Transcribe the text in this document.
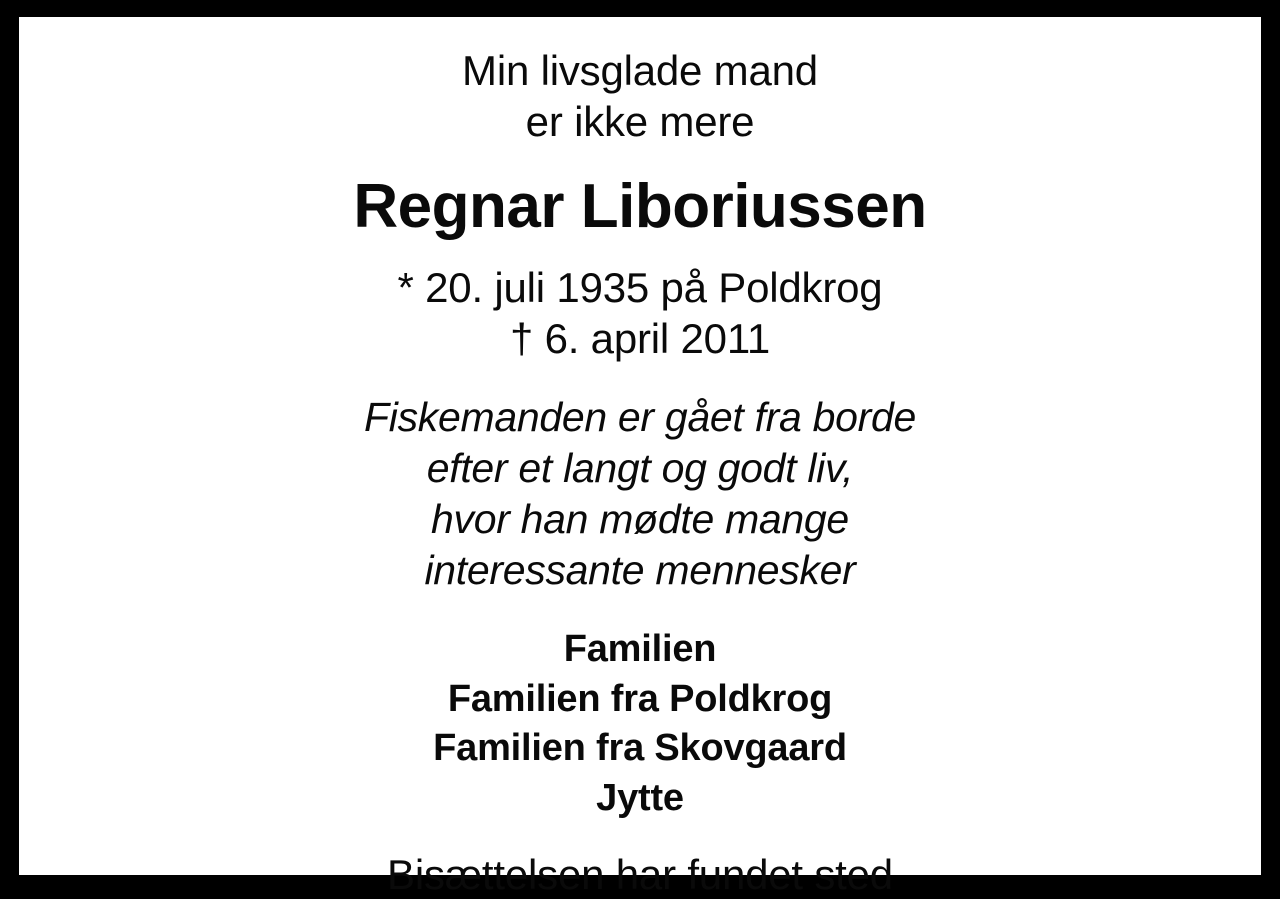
Min livsglade mand
er ikke mere
Regnar Liboriussen
* 20. juli 1935 på Poldkrog
† 6. april 2011
Fiskemanden er gået fra borde
efter et langt og godt liv,
hvor han mødte mange
interessante mennesker
Familien
Familien fra Poldkrog
Familien fra Skovgaard
Jytte
Bisættelsen har fundet sted
